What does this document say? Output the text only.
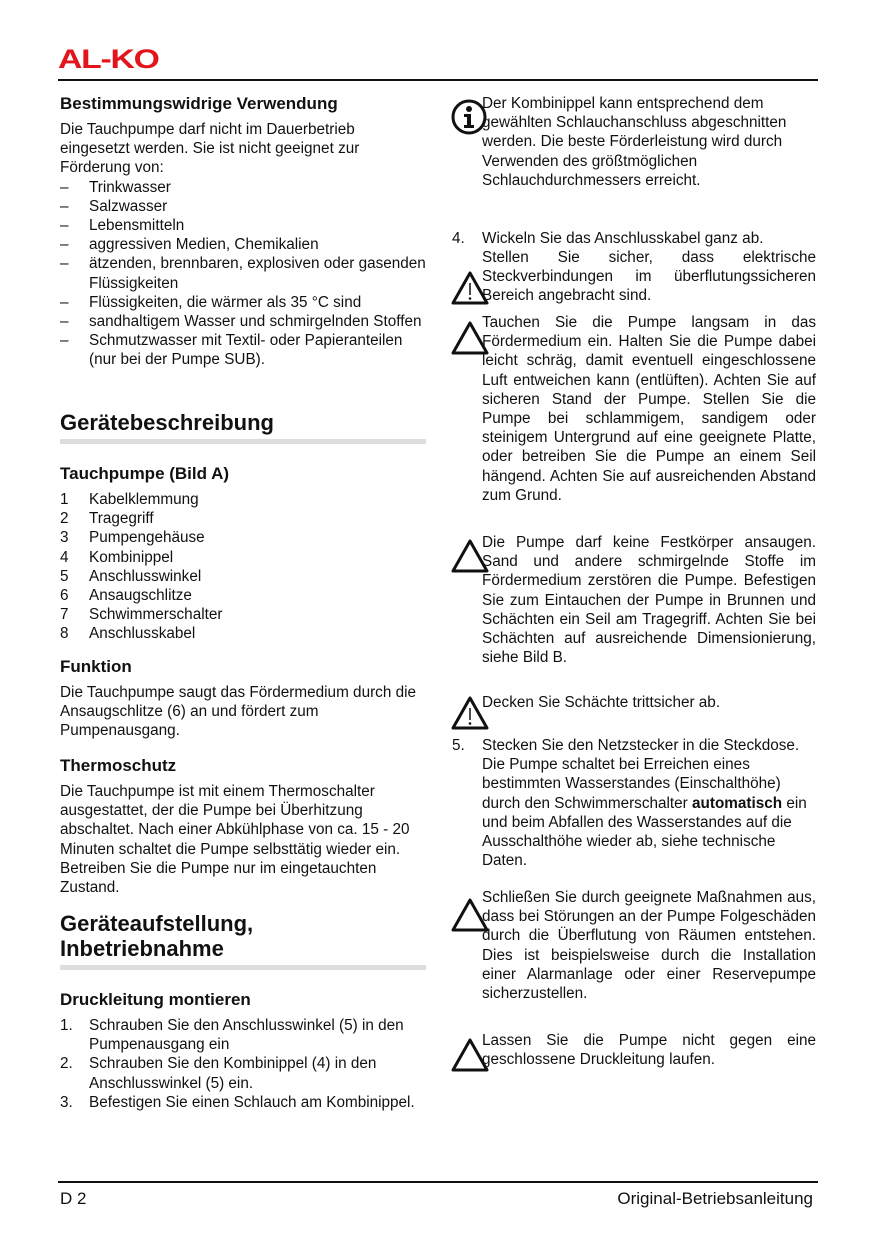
AL-KO
Bestimmungswidrige Verwendung

Die Tauchpumpe darf nicht im Dauerbetrieb eingesetzt werden. Sie ist nicht geeignet zur Förderung von:

– Trinkwasser
– Salzwasser
– Lebensmitteln
– aggressiven Medien, Chemikalien
– ätzenden, brennbaren, explosiven oder gasenden Flüssigkeiten
– Flüssigkeiten, die wärmer als 35 °C sind
– sandhaltigem Wasser und schmirgelnden Stoffen
– Schmutzwasser mit Textil- oder Papieranteilen (nur bei der Pumpe SUB).
Gerätebeschreibung
Tauchpumpe (Bild A)
1 Kabelklemmung
2 Tragegriff
3 Pumpengehäuse
4 Kombinippel
5 Anschlusswinkel
6 Ansaugschlitze
7 Schwimmerschalter
8 Anschlusskabel
Funktion

Die Tauchpumpe saugt das Fördermedium durch die Ansaugschlitze (6) an und fördert zum Pumpenausgang.

Thermoschutz

Die Tauchpumpe ist mit einem Thermoschalter ausgestattet, der die Pumpe bei Überhitzung abschaltet. Nach einer Abkühlphase von ca. 15 - 20 Minuten schaltet die Pumpe selbsttätig wieder ein. Betreiben Sie die Pumpe nur im eingetauchten Zustand.

Geräteaufstellung, Inbetriebnahme
Druckleitung montieren
1. Schrauben Sie den Anschlusswinkel (5) in den Pumpenausgang ein
2. Schrauben Sie den Kombinippel (4) in den Anschlusswinkel (5) ein.
3. Befestigen Sie einen Schlauch am Kombinippel.

Der Kombinippel kann entsprechend dem gewählten Schlauchanschluss abgeschnitten werden. Die beste Förderleistung wird durch Verwenden des größtmöglichen Schlauchdurchmessers erreicht.

4. Wickeln Sie das Anschlusskabel ganz ab.

Stellen Sie sicher, dass elektrische Steckverbindungen im überflutungssicheren Bereich angebracht sind.

Tauchen Sie die Pumpe langsam in das Fördermedium ein. Halten Sie die Pumpe dabei leicht schräg, damit eventuell eingeschlossene Luft entweichen kann (entlüften). Achten Sie auf sicheren Stand der Pumpe. Stellen Sie die Pumpe bei schlammigem, sandigem oder steinigem Untergrund auf eine geeignete Platte, oder betreiben Sie die Pumpe an einem Seil hängend. Achten Sie auf ausreichenden Abstand zum Grund.

Die Pumpe darf keine Festkörper ansaugen. Sand und andere schmirgelnde Stoffe im Fördermedium zerstören die Pumpe. Befestigen Sie zum Eintauchen der Pumpe in Brunnen und Schächten ein Seil am Tragegriff. Achten Sie bei Schächten auf ausreichende Dimensionierung, siehe Bild B.

Decken Sie Schächte trittsicher ab.

5. Stecken Sie den Netzstecker in die Steckdose. Die Pumpe schaltet bei Erreichen eines bestimmten Wasserstandes (Einschalthöhe) durch den Schwimmerschalter automatisch ein und beim Abfallen des Wasserstandes auf die Ausschalthöhe wieder ab, siehe technische Daten.

Schließen Sie durch geeignete Maßnahmen aus, dass bei Störungen an der Pumpe Folgeschäden durch die Überflutung von Räumen entstehen. Dies ist beispielsweise durch die Installation einer Alarmanlage oder einer Reservepumpe sicherzustellen.

Lassen Sie die Pumpe nicht gegen eine geschlossene Druckleitung laufen.

D 2	Original-Betriebsanleitung
